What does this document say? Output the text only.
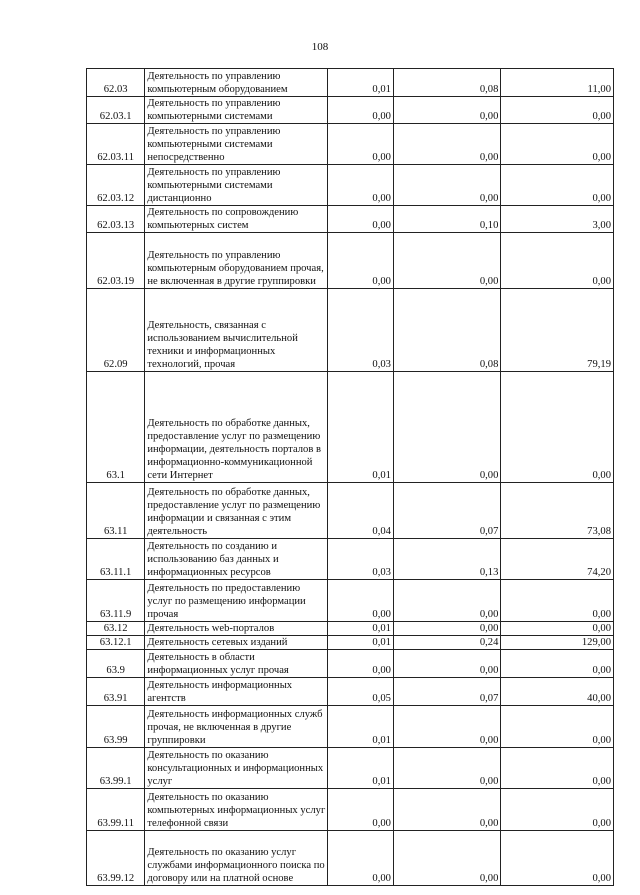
108
62.03	Деятельность по управлению компьютерным оборудованием	0,01	0,08	11,00
62.03.1	Деятельность по управлению компьютерными системами	0,00	0,00	0,00
62.03.11	Деятельность по управлению компьютерными системами непосредственно	0,00	0,00	0,00
62.03.12	Деятельность по управлению компьютерными системами дистанционно	0,00	0,00	0,00
62.03.13	Деятельность по сопровождению компьютерных систем	0,00	0,10	3,00
62.03.19	Деятельность по управлению компьютерным оборудованием прочая, не включенная в другие группировки	0,00	0,00	0,00
62.09	Деятельность, связанная с использованием вычислительной техники и информационных технологий, прочая	0,03	0,08	79,19
63.1	Деятельность по обработке данных, предоставление услуг по размещению информации, деятельность порталов в информационно-коммуникационной сети Интернет	0,01	0,00	0,00
63.11	Деятельность по обработке данных, предоставление услуг по размещению информации и связанная с этим деятельность	0,04	0,07	73,08
63.11.1	Деятельность по созданию и использованию баз данных и информационных ресурсов	0,03	0,13	74,20
63.11.9	Деятельность по предоставлению услуг по размещению информации прочая	0,00	0,00	0,00
63.12	Деятельность web-порталов	0,01	0,00	0,00
63.12.1	Деятельность сетевых изданий	0,01	0,24	129,00
63.9	Деятельность в области информационных услуг прочая	0,00	0,00	0,00
63.91	Деятельность информационных агентств	0,05	0,07	40,00
63.99	Деятельность информационных служб прочая, не включенная в другие группировки	0,01	0,00	0,00
63.99.1	Деятельность по оказанию консультационных и информационных услуг	0,01	0,00	0,00
63.99.11	Деятельность по оказанию компьютерных информационных услуг телефонной связи	0,00	0,00	0,00
63.99.12	Деятельность по оказанию услуг службами информационного поиска по договору или на платной основе	0,00	0,00	0,00
